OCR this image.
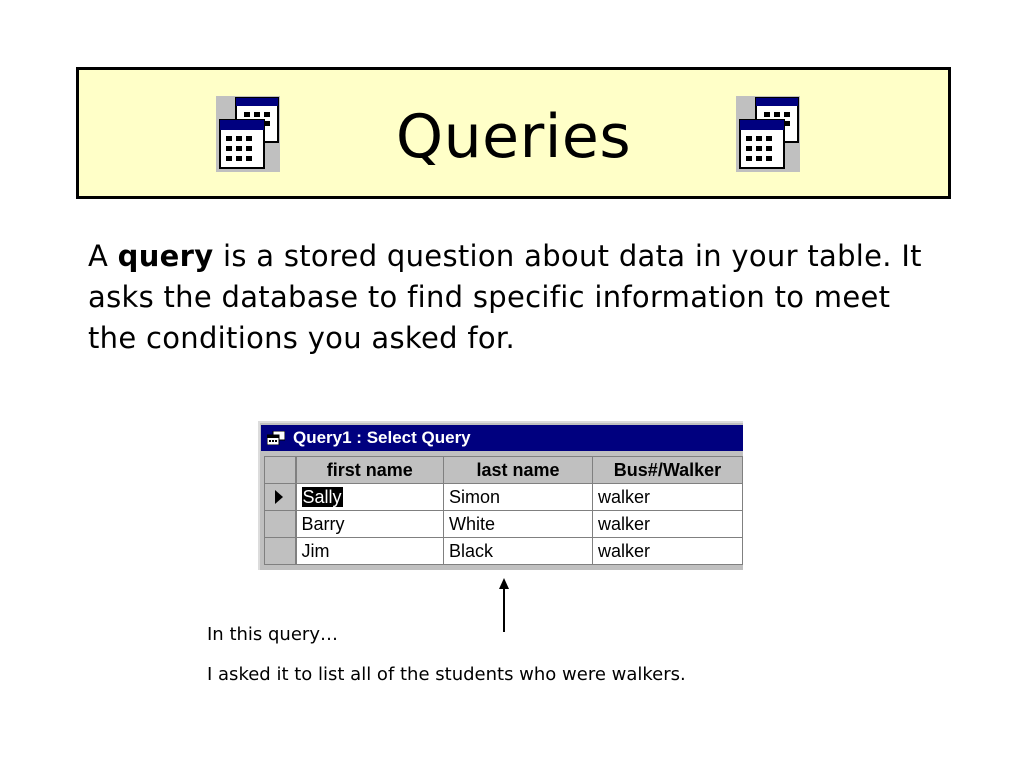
Queries
A query is a stored question about data in your table. It asks the database to find specific information to meet the conditions you asked for.
Query1 : Select Query
	first name	last name	Bus#/Walker

	Sally	Simon	walker
	Barry	White	walker
	Jim	Black	walker
In this query…
I asked it to list all of the students who were walkers.
